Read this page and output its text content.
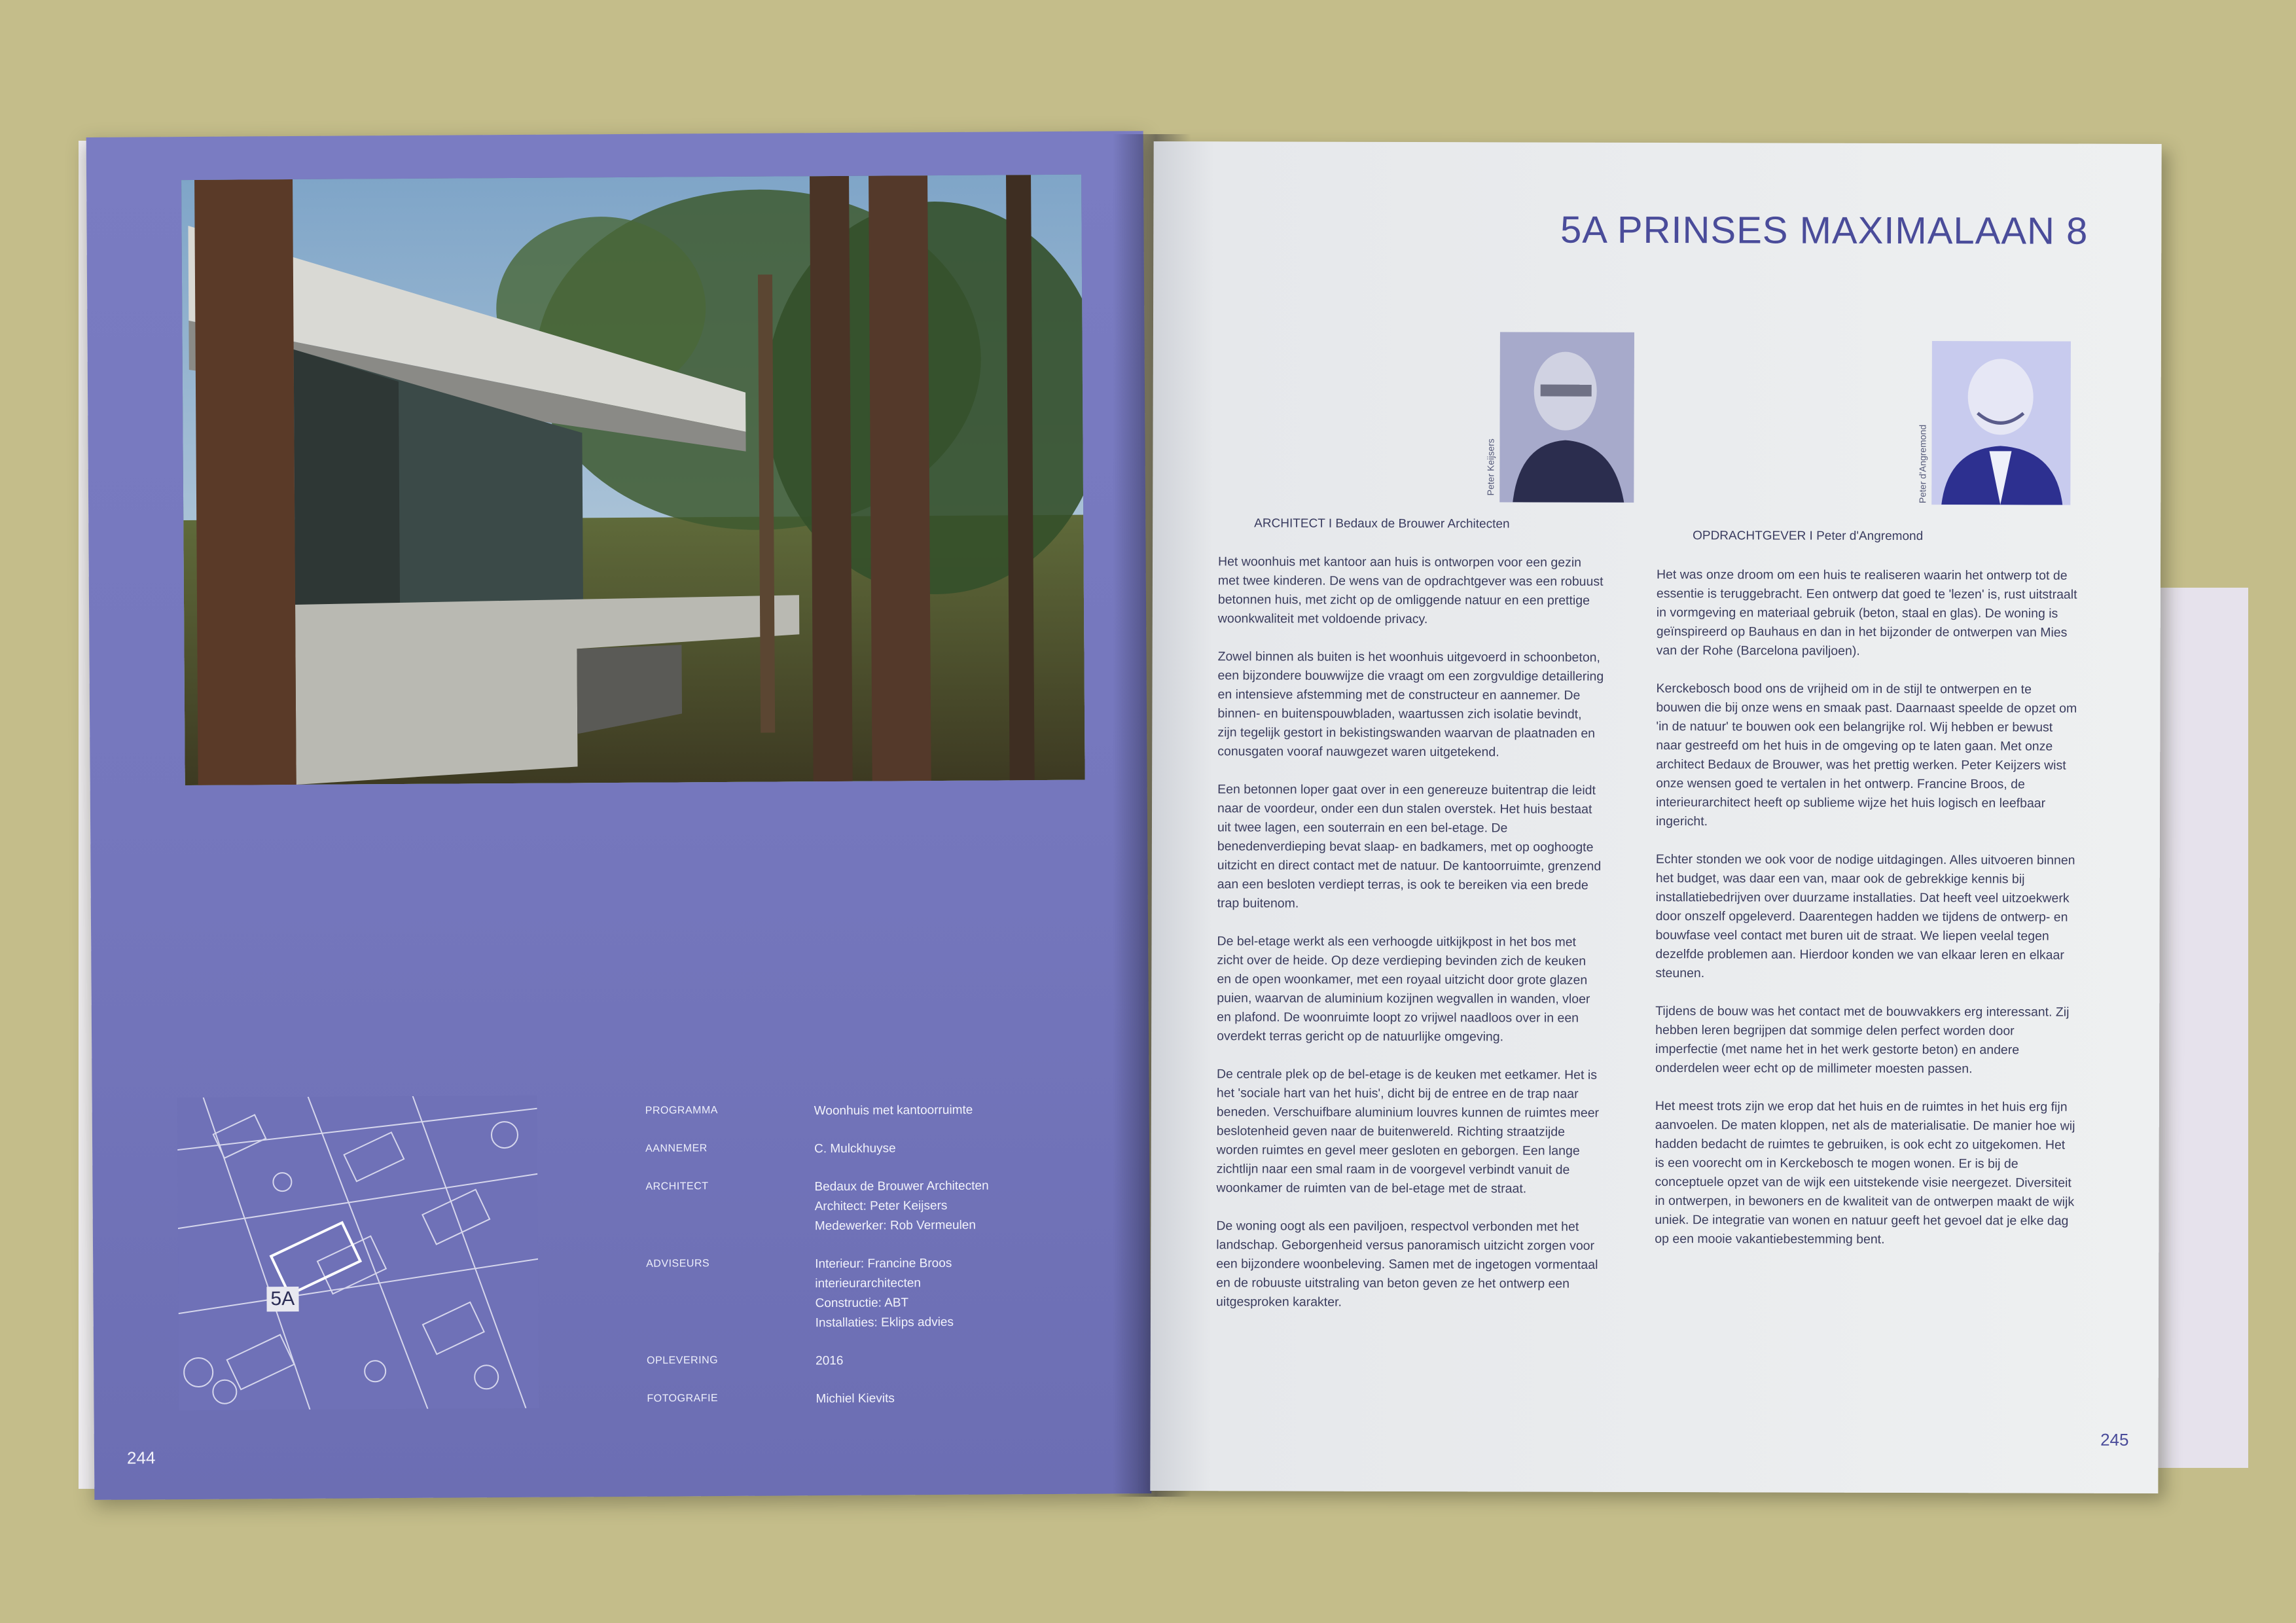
5A
PROGRAMMA	Woonhuis met kantoorruimte
AANNEMER	C. Mulckhuyse
ARCHITECT	Bedaux de Brouwer Architecten
Architect: Peter Keijsers
Medewerker: Rob Vermeulen
ADVISEURS	Interieur: Francine Broos
interieurarchitecten
Constructie: ABT
Installaties: Eklips advies
OPLEVERING	2016
FOTOGRAFIE	Michiel Kievits
244
5A PRINSES MAXIMALAAN 8
Peter Keijsers	Peter d'Angremond
ARCHITECT I Bedaux de Brouwer Architecten
OPDRACHTGEVER I Peter d'Angremond

Het woonhuis met kantoor aan huis is ontworpen voor een gezin met twee kinderen. De wens van de opdrachtgever was een robuust betonnen huis, met zicht op de omliggende natuur en een prettige woonkwaliteit met voldoende privacy.

Zowel binnen als buiten is het woonhuis uitgevoerd in schoonbeton, een bijzondere bouwwijze die vraagt om een zorgvuldige detaillering en intensieve afstemming met de constructeur en aannemer. De binnen- en buitenspouwbladen, waartussen zich isolatie bevindt, zijn tegelijk gestort in bekistingswanden waarvan de plaatnaden en conusgaten vooraf nauwgezet waren uitgetekend.

Een betonnen loper gaat over in een genereuze buitentrap die leidt naar de voordeur, onder een dun stalen overstek. Het huis bestaat uit twee lagen, een souterrain en een bel-etage. De benedenverdieping bevat slaap- en badkamers, met op ooghoogte uitzicht en direct contact met de natuur. De kantoorruimte, grenzend aan een besloten verdiept terras, is ook te bereiken via een brede trap buitenom.

De bel-etage werkt als een verhoogde uitkijkpost in het bos met zicht over de heide. Op deze verdieping bevinden zich de keuken en de open woonkamer, met een royaal uitzicht door grote glazen puien, waarvan de aluminium kozijnen wegvallen in wanden, vloer en plafond. De woonruimte loopt zo vrijwel naadloos over in een overdekt terras gericht op de natuurlijke omgeving.

De centrale plek op de bel-etage is de keuken met eetkamer. Het is het 'sociale hart van het huis', dicht bij de entree en de trap naar beneden. Verschuifbare aluminium louvres kunnen de ruimtes meer beslotenheid geven naar de buitenwereld. Richting straatzijde worden ruimtes en gevel meer gesloten en geborgen. Een lange zichtlijn naar een smal raam in de voorgevel verbindt vanuit de woonkamer de ruimten van de bel-etage met de straat.

De woning oogt als een paviljoen, respectvol verbonden met het landschap. Geborgenheid versus panoramisch uitzicht zorgen voor een bijzondere woonbeleving. Samen met de ingetogen vormentaal en de robuuste uitstraling van beton geven ze het ontwerp een uitgesproken karakter.

Het was onze droom om een huis te realiseren waarin het ontwerp tot de essentie is teruggebracht. Een ontwerp dat goed te 'lezen' is, rust uitstraalt in vormgeving en materiaal gebruik (beton, staal en glas). De woning is geïnspireerd op Bauhaus en dan in het bijzonder de ontwerpen van Mies van der Rohe (Barcelona paviljoen).

Kerckebosch bood ons de vrijheid om in de stijl te ontwerpen en te bouwen die bij onze wens en smaak past. Daarnaast speelde de opzet om 'in de natuur' te bouwen ook een belangrijke rol. Wij hebben er bewust naar gestreefd om het huis in de omgeving op te laten gaan. Met onze architect Bedaux de Brouwer, was het prettig werken. Peter Keijzers wist onze wensen goed te vertalen in het ontwerp. Francine Broos, de interieurarchitect heeft op sublieme wijze het huis logisch en leefbaar ingericht.

Echter stonden we ook voor de nodige uitdagingen. Alles uitvoeren binnen het budget, was daar een van, maar ook de gebrekkige kennis bij installatiebedrijven over duurzame installaties. Dat heeft veel uitzoekwerk door onszelf opgeleverd. Daarentegen hadden we tijdens de ontwerp- en bouwfase veel contact met buren uit de straat. We liepen veelal tegen dezelfde problemen aan. Hierdoor konden we van elkaar leren en elkaar steunen.

Tijdens de bouw was het contact met de bouwvakkers erg interessant. Zij hebben leren begrijpen dat sommige delen perfect worden door imperfectie (met name het in het werk gestorte beton) en andere onderdelen weer echt op de millimeter moesten passen.

Het meest trots zijn we erop dat het huis en de ruimtes in het huis erg fijn aanvoelen. De maten kloppen, net als de materialisatie. De manier hoe wij hadden bedacht de ruimtes te gebruiken, is ook echt zo uitgekomen. Het is een voorecht om in Kerckebosch te mogen wonen. Er is bij de conceptuele opzet van de wijk een uitstekende visie neergezet. Diversiteit in ontwerpen, in bewoners en de kwaliteit van de ontwerpen maakt de wijk uniek. De integratie van wonen en natuur geeft het gevoel dat je elke dag op een mooie vakantiebestemming bent.

245
